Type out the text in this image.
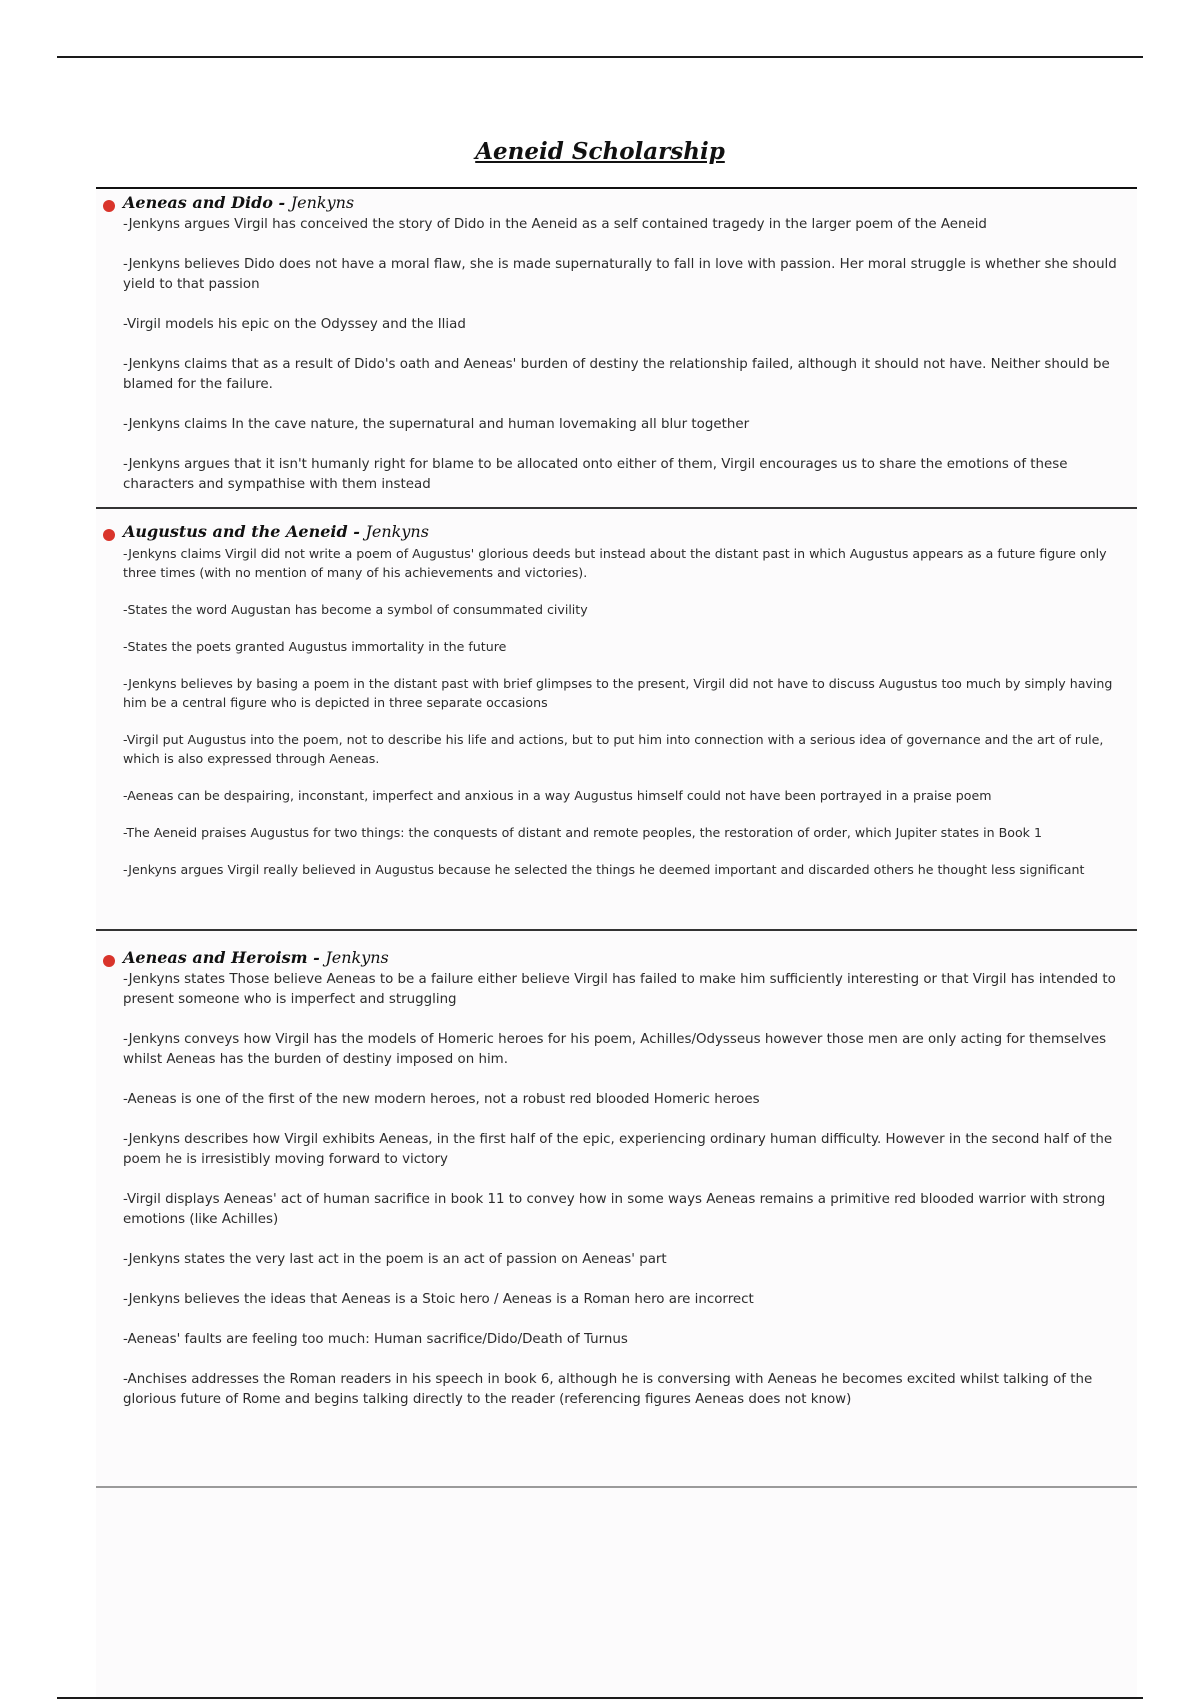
Aeneid Scholarship
Aeneas and Dido - Jenkyns
-Jenkyns argues Virgil has conceived the story of Dido in the Aeneid as a self contained tragedy in the larger poem of the Aeneid
-Jenkyns believes Dido does not have a moral flaw, she is made supernaturally to fall in love with passion. Her moral struggle is whether she should yield to that passion
-Virgil models his epic on the Odyssey and the Iliad
-Jenkyns claims that as a result of Dido's oath and Aeneas' burden of destiny the relationship failed, although it should not have. Neither should be blamed for the failure.
-Jenkyns claims In the cave nature, the supernatural and human lovemaking all blur together
-Jenkyns argues that it isn't humanly right for blame to be allocated onto either of them, Virgil encourages us to share the emotions of these characters and sympathise with them instead
Augustus and the Aeneid - Jenkyns
-Jenkyns claims Virgil did not write a poem of Augustus' glorious deeds but instead about the distant past in which Augustus appears as a future figure only three times (with no mention of many of his achievements and victories).
-States the word Augustan has become a symbol of consummated civility
-States the poets granted Augustus immortality in the future
-Jenkyns believes by basing a poem in the distant past with brief glimpses to the present, Virgil did not have to discuss Augustus too much by simply having him be a central figure who is depicted in three separate occasions
-Virgil put Augustus into the poem, not to describe his life and actions, but to put him into connection with a serious idea of governance and the art of rule, which is also expressed through Aeneas.
-Aeneas can be despairing, inconstant, imperfect and anxious in a way Augustus himself could not have been portrayed in a praise poem
-The Aeneid praises Augustus for two things: the conquests of distant and remote peoples, the restoration of order, which Jupiter states in Book 1
-Jenkyns argues Virgil really believed in Augustus because he selected the things he deemed important and discarded others he thought less significant
Aeneas and Heroism - Jenkyns
-Jenkyns states Those believe Aeneas to be a failure either believe Virgil has failed to make him sufficiently interesting or that Virgil has intended to present someone who is imperfect and struggling
-Jenkyns conveys how Virgil has the models of Homeric heroes for his poem, Achilles/Odysseus however those men are only acting for themselves whilst Aeneas has the burden of destiny imposed on him.
-Aeneas is one of the first of the new modern heroes, not a robust red blooded Homeric heroes
-Jenkyns describes how Virgil exhibits Aeneas, in the first half of the epic, experiencing ordinary human difficulty. However in the second half of the poem he is irresistibly moving forward to victory
-Virgil displays Aeneas' act of human sacrifice in book 11 to convey how in some ways Aeneas remains a primitive red blooded warrior with strong emotions (like Achilles)
-Jenkyns states the very last act in the poem is an act of passion on Aeneas' part
-Jenkyns believes the ideas that Aeneas is a Stoic hero / Aeneas is a Roman hero are incorrect
-Aeneas' faults are feeling too much: Human sacrifice/Dido/Death of Turnus
-Anchises addresses the Roman readers in his speech in book 6, although he is conversing with Aeneas he becomes excited whilst talking of the glorious future of Rome and begins talking directly to the reader (referencing figures Aeneas does not know)
